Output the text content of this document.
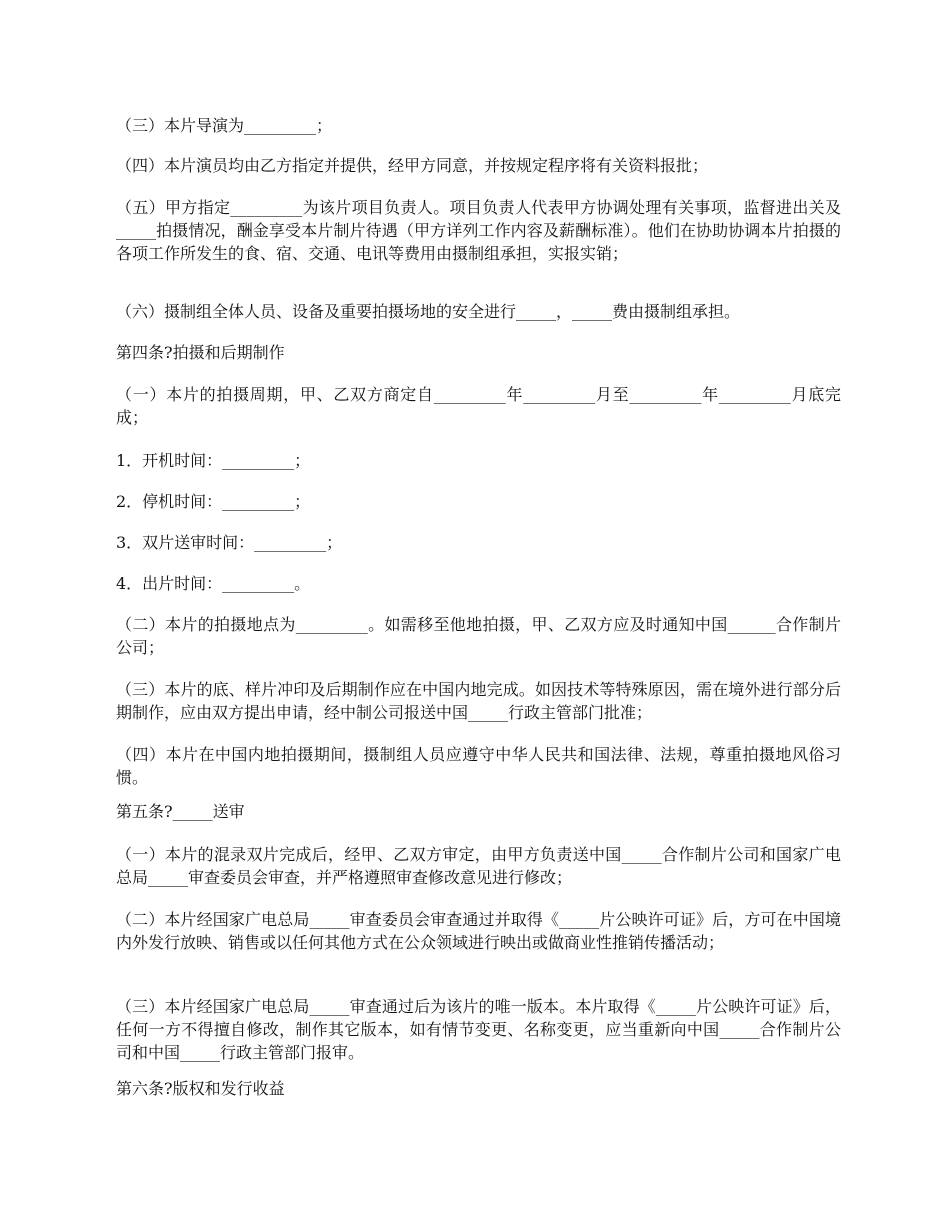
（三）本片导演为_________；

（四）本片演员均由乙方指定并提供，经甲方同意，并按规定程序将有关资料报批；

（五）甲方指定_________为该片项目负责人。项目负责人代表甲方协调处理有关事项，监督进出关及_____拍摄情况，酬金享受本片制片待遇（甲方详列工作内容及薪酬标准）。他们在协助协调本片拍摄的各项工作所发生的食、宿、交通、电讯等费用由摄制组承担，实报实销；

（六）摄制组全体人员、设备及重要拍摄场地的安全进行_____，_____费由摄制组承担。

第四条?拍摄和后期制作

（一）本片的拍摄周期，甲、乙双方商定自_________年_________月至_________年_________月底完成；

1．开机时间：_________；

2．停机时间：_________；

3．双片送审时间：_________；

4．出片时间：_________。

（二）本片的拍摄地点为_________。如需移至他地拍摄，甲、乙双方应及时通知中国______合作制片公司；

（三）本片的底、样片冲印及后期制作应在中国内地完成。如因技术等特殊原因，需在境外进行部分后期制作，应由双方提出申请，经中制公司报送中国_____行政主管部门批准；

（四）本片在中国内地拍摄期间，摄制组人员应遵守中华人民共和国法律、法规，尊重拍摄地风俗习惯。

第五条?_____送审

（一）本片的混录双片完成后，经甲、乙双方审定，由甲方负责送中国_____合作制片公司和国家广电总局_____审查委员会审查，并严格遵照审查修改意见进行修改；

（二）本片经国家广电总局_____审查委员会审查通过并取得《_____片公映许可证》后，方可在中国境内外发行放映、销售或以任何其他方式在公众领域进行映出或做商业性推销传播活动；

（三）本片经国家广电总局_____审查通过后为该片的唯一版本。本片取得《_____片公映许可证》后，任何一方不得擅自修改，制作其它版本，如有情节变更、名称变更，应当重新向中国_____合作制片公司和中国_____行政主管部门报审。

第六条?版权和发行收益
